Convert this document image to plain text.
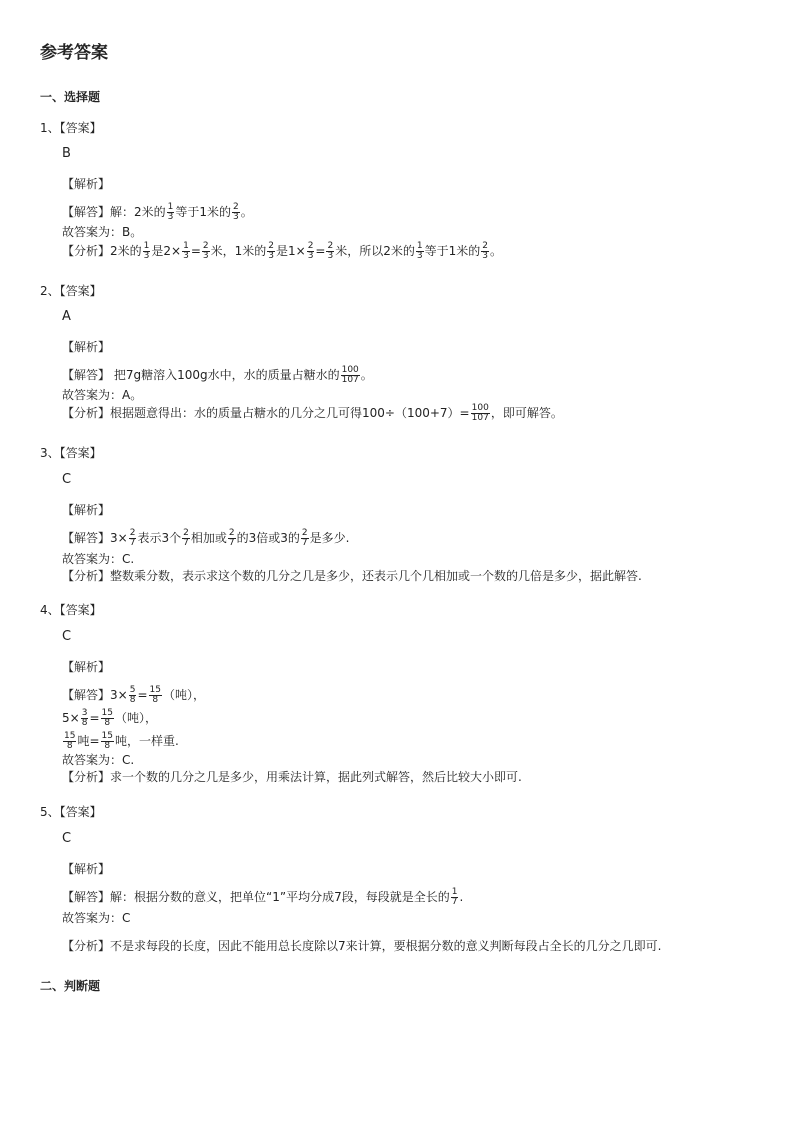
参考答案
一、选择题
1、【答案】
B
【解析】
【解答】解：2米的 $\frac{1}{3}$ 等于1米的 $\frac{2}{3}$ 。
故答案为：B。
【分析】2米的 $\frac{1}{3}$ 是$2\times \frac{1}{3} = \frac{2}{3}$ 米，1米的 $\frac{2}{3}$ 是$1\times \frac{2}{3} = \frac{2}{3}$ 米，所以2米的 $\frac{1}{3}$ 等于1米的 $\frac{2}{3}$ 。
2、【答案】
A
【解析】
【解答】 把7g糖溶入100g水中，水的质量占糖水的 $\frac{100}{107}$ 。
故答案为：A。
【分析】根据题意得出：水的质量占糖水的几分之几可得$100\div(100+7)= \frac{100}{107}$ ，即可解答。
3、【答案】
C
【解析】
【解答】$3\times \frac{2}{7}$ 表示3个 $\frac{2}{7}$ 相加或 $\frac{2}{7}$ 的3倍或3的 $\frac{2}{7}$ 是多少.
故答案为：C.
【分析】整数乘分数，表示求这个数的几分之几是多少，还表示几个几相加或一个数的几倍是多少，据此解答.
4、【答案】
C
【解析】
【解答】$3\times \frac{5}{8} = \frac{15}{8}$ （吨），
$5\times \frac{3}{8} = \frac{15}{8}$ （吨），
$\frac{15}{8}$ 吨= $\frac{15}{8}$ 吨，一样重.
故答案为：C.
【分析】求一个数的几分之几是多少，用乘法计算，据此列式解答，然后比较大小即可.
5、【答案】
C
【解析】
【解答】解：根据分数的意义，把单位“1”平均分成7段，每段就是全长的 $\frac{1}{7}$ .
故答案为：C
【分析】不是求每段的长度，因此不能用总长度除以7来计算，要根据分数的意义判断每段占全长的几分之几即可.
二、判断题
